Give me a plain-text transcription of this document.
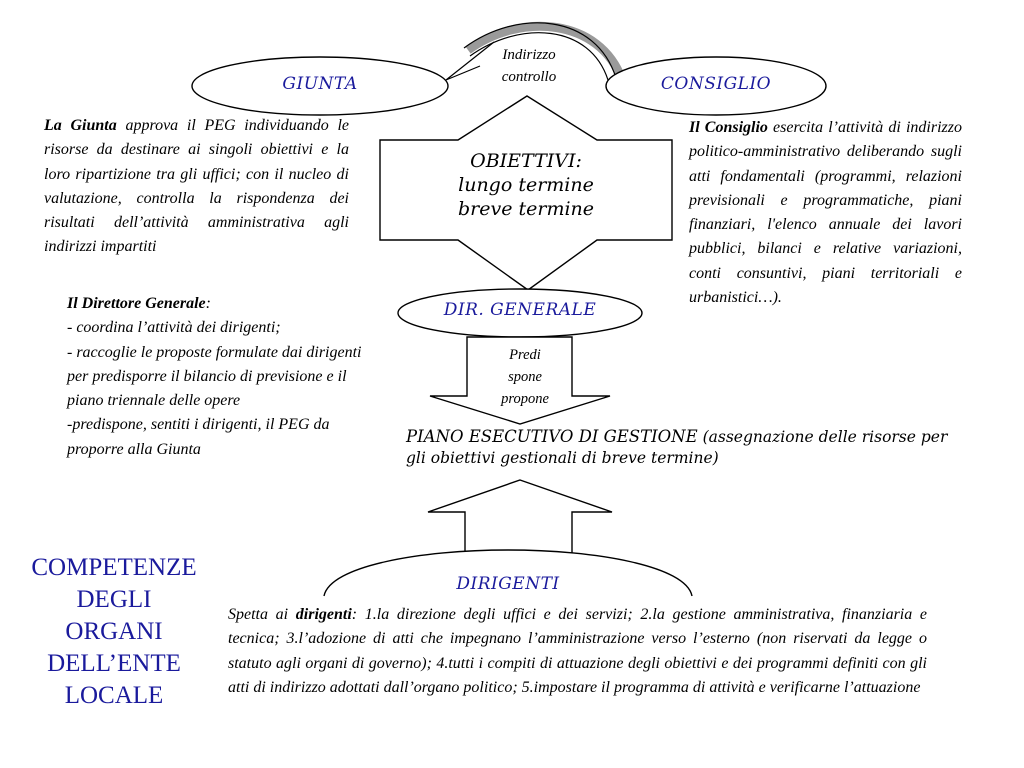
GIUNTA	CONSIGLIO
DIR. GENERALE
DIRIGENTI
Indirizzo
controllo
OBIETTIVI:
lungo termine
breve termine
Predi
spone
propone
La Giunta approva il PEG individuando le risorse da destinare ai singoli obiettivi e la loro ripartizione tra gli uffici; con il nucleo di valutazione, controlla la rispondenza dei risultati dell’attività amministrativa agli indirizzi impartiti
Il Consiglio esercita l’attività di indirizzo politico-amministrativo deliberando sugli atti fondamentali (programmi, relazioni previsionali e programmatiche, piani finanziari, l'elenco annuale dei lavori pubblici, bilanci e relative variazioni, conti consuntivi, piani territoriali e urbanistici…).
Il Direttore Generale:
- coordina l’attività dei dirigenti;
- raccoglie le proposte formulate dai dirigenti per predisporre il bilancio di previsione e il piano triennale delle opere
-predispone, sentiti i dirigenti, il PEG da proporre alla Giunta
PIANO ESECUTIVO DI GESTIONE (assegnazione delle risorse per gli obiettivi gestionali di breve termine)
COMPETENZE
DEGLI
ORGANI
DELL’ENTE
LOCALE
Spetta ai dirigenti: 1.la direzione degli uffici e dei servizi; 2.la gestione amministrativa, finanziaria e tecnica; 3.l’adozione di atti che impegnano l’amministrazione verso l’esterno (non riservati da legge o statuto agli organi di governo); 4.tutti i compiti di attuazione degli obiettivi e dei programmi definiti con gli atti di indirizzo adottati dall’organo politico; 5.impostare il programma di attività e verificarne l’attuazione
